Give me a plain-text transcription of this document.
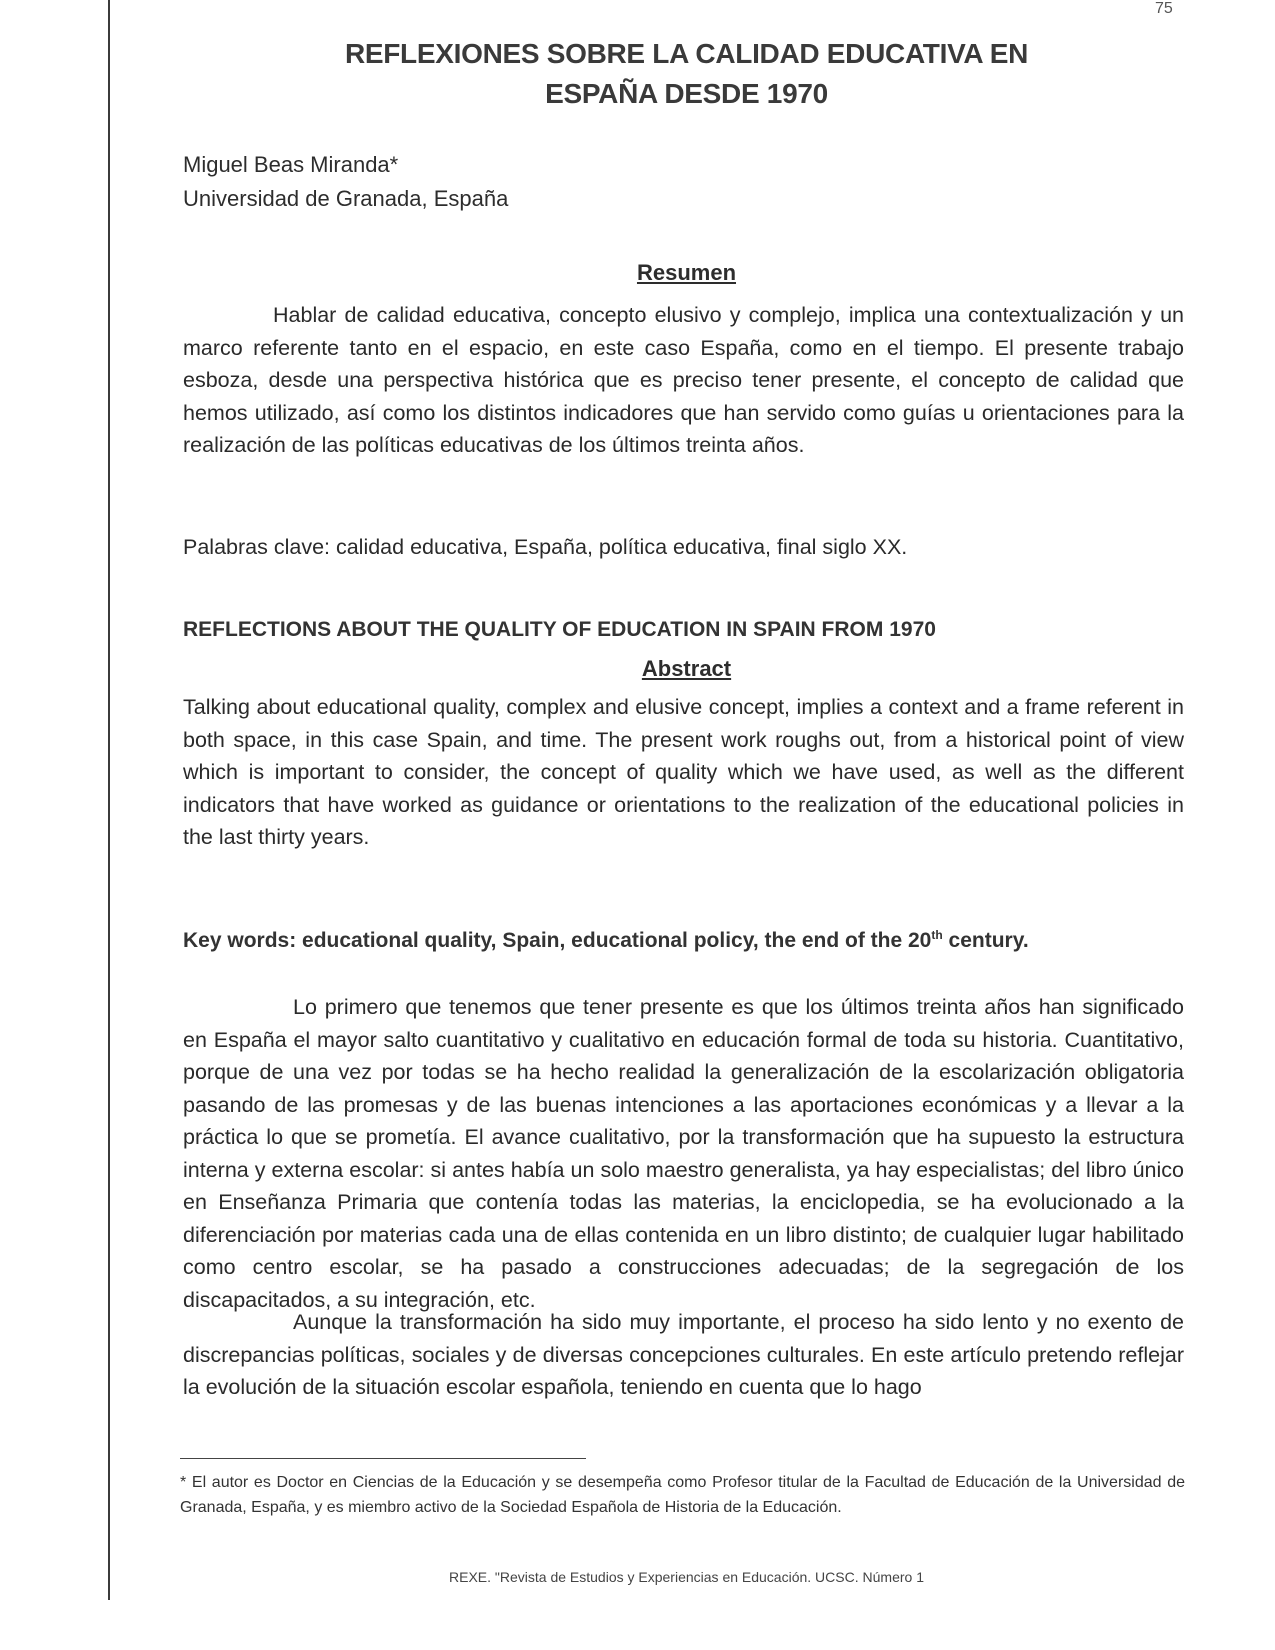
75
REFLEXIONES SOBRE LA CALIDAD EDUCATIVA EN
ESPAÑA DESDE 1970
Miguel Beas Miranda*
Universidad de Granada, España
Resumen

Hablar de calidad educativa, concepto elusivo y complejo, implica una contextualización y un marco referente tanto en el espacio, en este caso España, como en el tiempo. El presente trabajo esboza, desde una perspectiva histórica que es preciso tener presente, el concepto de calidad que hemos utilizado, así como los distintos indicadores que han servido como guías u orientaciones para la realización de las políticas educativas de los últimos treinta años.

Palabras clave: calidad educativa, España, política educativa, final siglo XX.
REFLECTIONS ABOUT THE QUALITY OF EDUCATION IN SPAIN FROM 1970
Abstract

Talking about educational quality, complex and elusive concept, implies a context and a frame referent in both space, in this case Spain, and time. The present work roughs out, from a historical point of view which is important to consider, the concept of quality which we have used, as well as the different indicators that have worked as guidance or orientations to the realization of the educational policies in the last thirty years.

Key words: educational quality, Spain, educational policy, the end of the 20th century.

Lo primero que tenemos que tener presente es que los últimos treinta años han significado en España el mayor salto cuantitativo y cualitativo en educación formal de toda su historia. Cuantitativo, porque de una vez por todas se ha hecho realidad la generalización de la escolarización obligatoria pasando de las promesas y de las buenas intenciones a las aportaciones económicas y a llevar a la práctica lo que se prometía. El avance cualitativo, por la transformación que ha supuesto la estructura interna y externa escolar: si antes había un solo maestro generalista, ya hay especialistas; del libro único en Enseñanza Primaria que contenía todas las materias, la enciclopedia, se ha evolucionado a la diferenciación por materias cada una de ellas contenida en un libro distinto; de cualquier lugar habilitado como centro escolar, se ha pasado a construcciones adecuadas; de la segregación de los discapacitados, a su integración, etc.

Aunque la transformación ha sido muy importante, el proceso ha sido lento y no exento de discrepancias políticas, sociales y de diversas concepciones culturales. En este artículo pretendo reflejar la evolución de la situación escolar española, teniendo en cuenta que lo hago

* El autor es Doctor en Ciencias de la Educación y se desempeña como Profesor titular de la Facultad de Educación de la Universidad de Granada, España, y es miembro activo de la Sociedad Española de Historia de la Educación.

REXE. "Revista de Estudios y Experiencias en Educación. UCSC. Número 1
